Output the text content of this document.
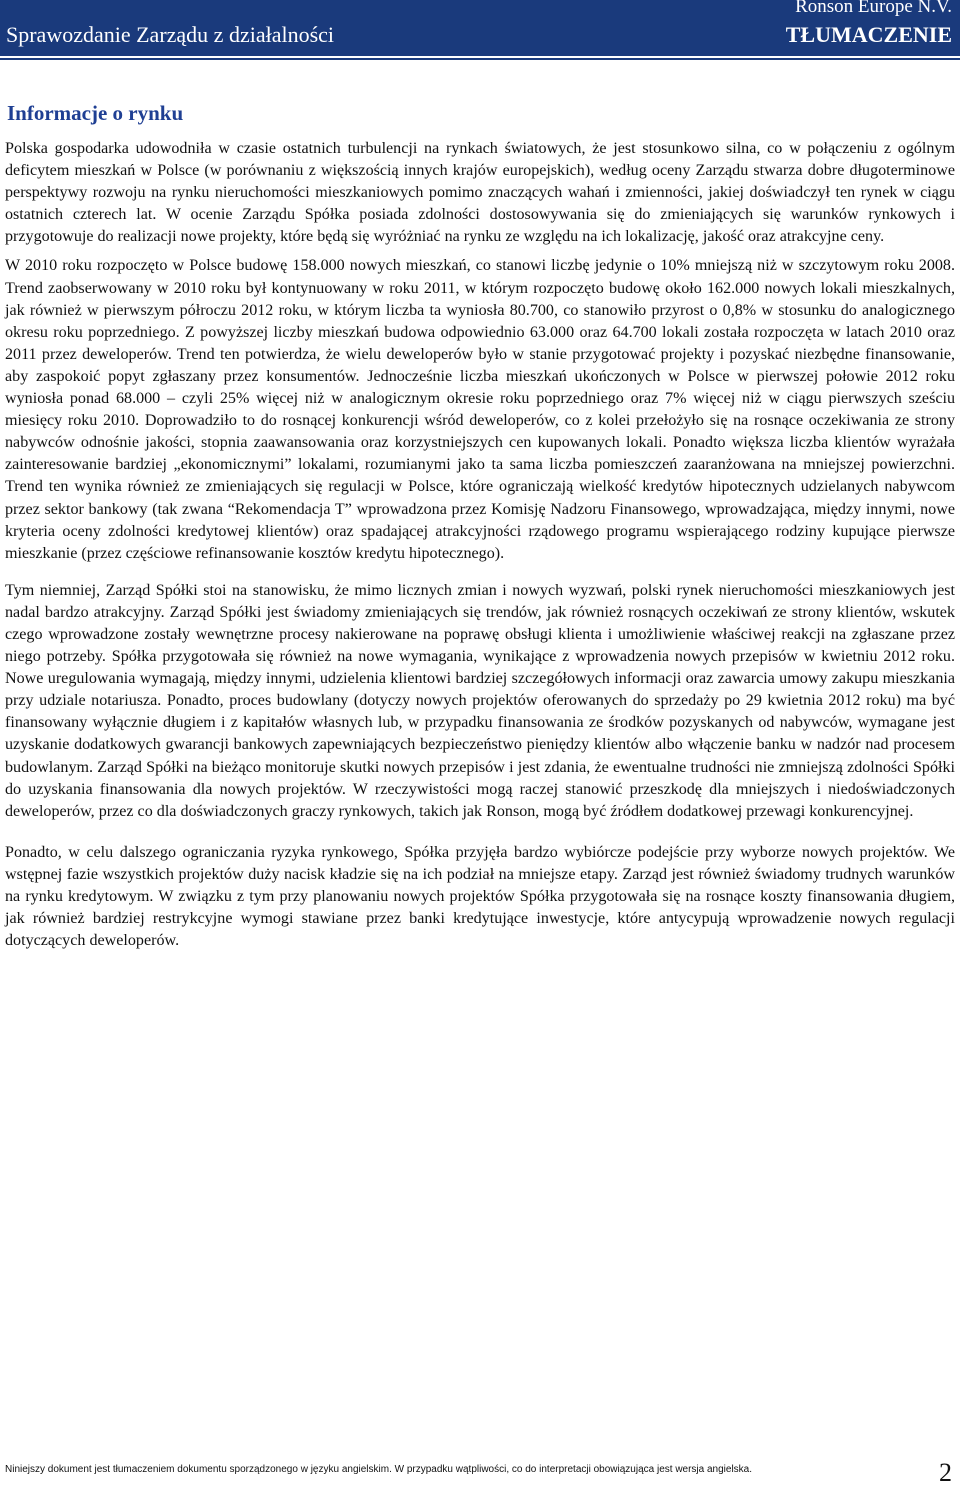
Sprawozdanie Zarządu z działalności
Ronson Europe N.V.
TŁUMACZENIE
Informacje o rynku

Polska gospodarka udowodniła w czasie ostatnich turbulencji na rynkach światowych, że jest stosunkowo silna, co w połączeniu z ogólnym deficytem mieszkań w Polsce (w porównaniu z większością innych krajów europejskich), według oceny Zarządu stwarza dobre długoterminowe perspektywy rozwoju na rynku nieruchomości mieszkaniowych pomimo znaczących wahań i zmienności, jakiej doświadczył ten rynek w ciągu ostatnich czterech lat. W ocenie Zarządu Spółka posiada zdolności dostosowywania się do zmieniających się warunków rynkowych i przygotowuje do realizacji nowe projekty, które będą się wyróżniać na rynku ze względu na ich lokalizację, jakość oraz atrakcyjne ceny.

W 2010 roku rozpoczęto w Polsce budowę 158.000 nowych mieszkań, co stanowi liczbę jedynie o 10% mniejszą niż w szczytowym roku 2008. Trend zaobserwowany w 2010 roku był kontynuowany w roku 2011, w którym rozpoczęto budowę około 162.000 nowych lokali mieszkalnych, jak również w pierwszym półroczu 2012 roku, w którym liczba ta wyniosła 80.700, co stanowiło przyrost o 0,8% w stosunku do analogicznego okresu roku poprzedniego. Z powyższej liczby mieszkań budowa odpowiednio 63.000 oraz 64.700 lokali została rozpoczęta w latach 2010 oraz 2011 przez deweloperów. Trend ten potwierdza, że wielu deweloperów było w stanie przygotować projekty i pozyskać niezbędne finansowanie, aby zaspokoić popyt zgłaszany przez konsumentów. Jednocześnie liczba mieszkań ukończonych w Polsce w pierwszej połowie 2012 roku wyniosła ponad 68.000 – czyli 25% więcej niż w analogicznym okresie roku poprzedniego oraz 7% więcej niż w ciągu pierwszych sześciu miesięcy roku 2010. Doprowadziło to do rosnącej konkurencji wśród deweloperów, co z kolei przełożyło się na rosnące oczekiwania ze strony nabywców odnośnie jakości, stopnia zaawansowania oraz korzystniejszych cen kupowanych lokali. Ponadto większa liczba klientów wyrażała zainteresowanie bardziej „ekonomicznymi” lokalami, rozumianymi jako ta sama liczba pomieszczeń zaaranżowana na mniejszej powierzchni. Trend ten wynika również ze zmieniających się regulacji w Polsce, które ograniczają wielkość kredytów hipotecznych udzielanych nabywcom przez sektor bankowy (tak zwana “Rekomendacja T” wprowadzona przez Komisję Nadzoru Finansowego, wprowadzająca, między innymi, nowe kryteria oceny zdolności kredytowej klientów) oraz spadającej atrakcyjności rządowego programu wspierającego rodziny kupujące pierwsze mieszkanie (przez częściowe refinansowanie kosztów kredytu hipotecznego).

Tym niemniej, Zarząd Spółki stoi na stanowisku, że mimo licznych zmian i nowych wyzwań, polski rynek nieruchomości mieszkaniowych jest nadal bardzo atrakcyjny. Zarząd Spółki jest świadomy zmieniających się trendów, jak również rosnących oczekiwań ze strony klientów, wskutek czego wprowadzone zostały wewnętrzne procesy nakierowane na poprawę obsługi klienta i umożliwienie właściwej reakcji na zgłaszane przez niego potrzeby. Spółka przygotowała się również na nowe wymagania, wynikające z wprowadzenia nowych przepisów w kwietniu 2012 roku. Nowe uregulowania wymagają, między innymi, udzielenia klientowi bardziej szczegółowych informacji oraz zawarcia umowy zakupu mieszkania przy udziale notariusza. Ponadto, proces budowlany (dotyczy nowych projektów oferowanych do sprzedaży po 29 kwietnia 2012 roku) ma być finansowany wyłącznie długiem i z kapitałów własnych lub, w przypadku finansowania ze środków pozyskanych od nabywców, wymagane jest uzyskanie dodatkowych gwarancji bankowych zapewniających bezpieczeństwo pieniędzy klientów albo włączenie banku w nadzór nad procesem budowlanym. Zarząd Spółki na bieżąco monitoruje skutki nowych przepisów i jest zdania, że ewentualne trudności nie zmniejszą zdolności Spółki do uzyskania finansowania dla nowych projektów. W rzeczywistości mogą raczej stanowić przeszkodę dla mniejszych i niedoświadczonych deweloperów, przez co dla doświadczonych graczy rynkowych, takich jak Ronson, mogą być źródłem dodatkowej przewagi konkurencyjnej.

Ponadto, w celu dalszego ograniczania ryzyka rynkowego, Spółka przyjęła bardzo wybiórcze podejście przy wyborze nowych projektów. We wstępnej fazie wszystkich projektów duży nacisk kładzie się na ich podział na mniejsze etapy. Zarząd jest również świadomy trudnych warunków na rynku kredytowym. W związku z tym przy planowaniu nowych projektów Spółka przygotowała się na rosnące koszty finansowania długiem, jak również bardziej restrykcyjne wymogi stawiane przez banki kredytujące inwestycje, które antycypują wprowadzenie nowych regulacji dotyczących deweloperów.

Niniejszy dokument jest tłumaczeniem dokumentu sporządzonego w języku angielskim. W przypadku wątpliwości, co do interpretacji obowiązująca jest wersja angielska.	2
